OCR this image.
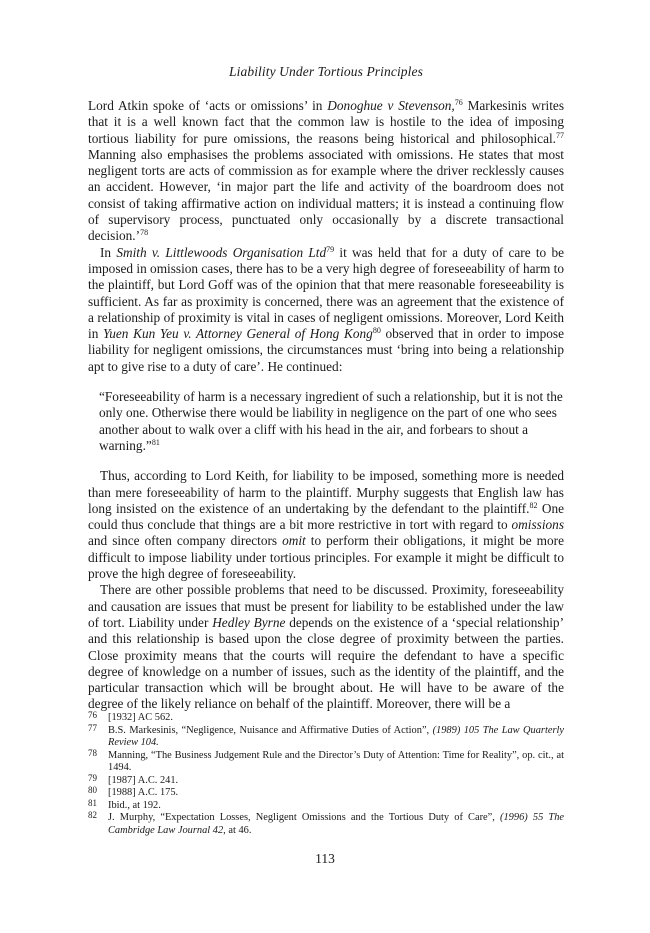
Liability Under Tortious Principles

Lord Atkin spoke of ‘acts or omissions’ in Donoghue v Stevenson,$^{76}$ Markesinis writes that it is a well known fact that the common law is hostile to the idea of imposing tortious liability for pure omissions, the reasons being historical and philosophical.$^{77}$ Manning also emphasises the problems associated with omissions. He states that most negligent torts are acts of commission as for example where the driver recklessly causes an accident. However, ‘in major part the life and activity of the boardroom does not consist of taking affirmative action on individual matters; it is instead a continuing flow of supervisory process, punctuated only occasionally by a discrete transactional decision.’$^{78}$

In Smith v. Littlewoods Organisation Ltd$^{79}$ it was held that for a duty of care to be imposed in omission cases, there has to be a very high degree of foreseeability of harm to the plaintiff, but Lord Goff was of the opinion that that mere reasonable foreseeability is sufficient. As far as proximity is concerned, there was an agreement that the existence of a relationship of proximity is vital in cases of negligent omissions. Moreover, Lord Keith in Yuen Kun Yeu v. Attorney General of Hong Kong$^{80}$ observed that in order to impose liability for negligent omissions, the circumstances must ‘bring into being a relationship apt to give rise to a duty of care’. He continued:

“Foreseeability of harm is a necessary ingredient of such a relationship, but it is not the only one. Otherwise there would be liability in negligence on the part of one who sees another about to walk over a cliff with his head in the air, and forbears to shout a warning.”$^{81}$

Thus, according to Lord Keith, for liability to be imposed, something more is needed than mere foreseeability of harm to the plaintiff. Murphy suggests that English law has long insisted on the existence of an undertaking by the defendant to the plaintiff.$^{82}$ One could thus conclude that things are a bit more restrictive in tort with regard to omissions and since often company directors omit to perform their obligations, it might be more difficult to impose liability under tortious principles. For example it might be difficult to prove the high degree of foreseeability.

There are other possible problems that need to be discussed. Proximity, foreseeability and causation are issues that must be present for liability to be established under the law of tort. Liability under Hedley Byrne depends on the existence of a ‘special relationship’ and this relationship is based upon the close degree of proximity between the parties. Close proximity means that the courts will require the defendant to have a specific degree of knowledge on a number of issues, such as the identity of the plaintiff, and the particular transaction which will be brought about. He will have to be aware of the degree of the likely reliance on behalf of the plaintiff. Moreover, there will be a

76	[1932] AC 562.
77	B.S. Markesinis, “Negligence, Nuisance and Affirmative Duties of Action”, (1989) 105 The Law Quarterly Review 104.
78	Manning, “The Business Judgement Rule and the Director’s Duty of Attention: Time for Reality”, op. cit., at 1494.
79	[1987] A.C. 241.
80	[1988] A.C. 175.
81	Ibid., at 192.
82	J. Murphy, “Expectation Losses, Negligent Omissions and the Tortious Duty of Care”, (1996) 55 The Cambridge Law Journal 42, at 46.
113
